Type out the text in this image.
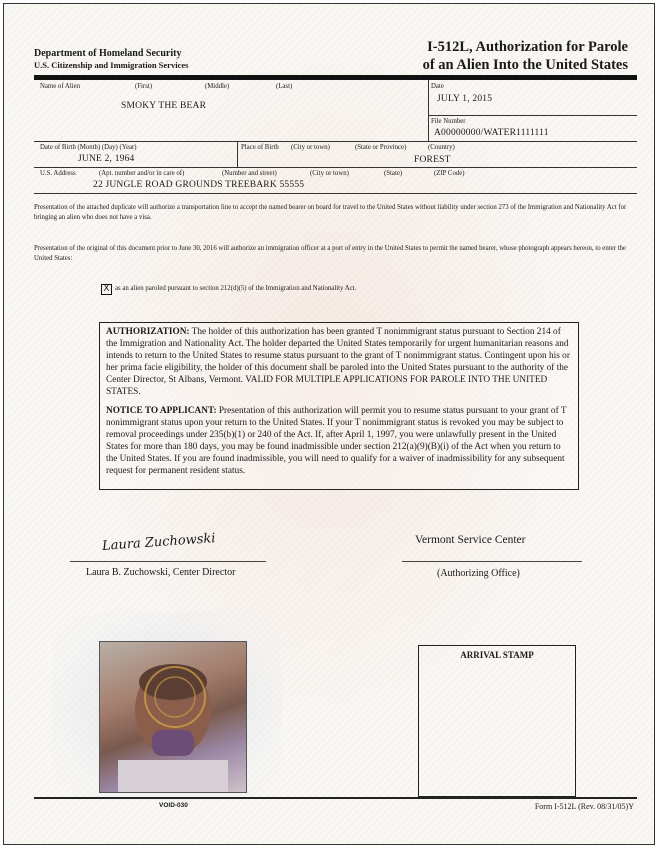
Department of Homeland Security
U.S. Citizenship and Immigration Services
I-512L, Authorization for Parole
of an Alien Into the United States
Name of Alien	(First)	(Middle)	(Last)
SMOKY THE BEAR
Date
JULY 1, 2015
File Number
A00000000/WATER1111111
Date of Birth (Month) (Day) (Year)
JUNE 2, 1964
Place of Birth (City or town)	(State or Province)	(Country)
FOREST
U.S. Address	(Apt. number and/or in care of)	(Number and street)	(City or town)	(State)	(ZIP Code)
22 JUNGLE ROAD GROUNDS TREEBARK 55555
Presentation of the attached duplicate will authorize a transportation line to accept the named bearer on board for travel to the United States without liability under section 273 of the Immigration and Nationality Act for bringing an alien who does not have a visa.
Presentation of the original of this document prior to June 30, 2016 will authorize an immigration officer at a port of entry in the United States to permit the named bearer, whose photograph appears hereon, to enter the United States:
X as an alien paroled pursuant to section 212(d)(5) of the Immigration and Nationality Act.

AUTHORIZATION: The holder of this authorization has been granted T nonimmigrant status pursuant to Section 214 of the Immigration and Nationality Act. The holder departed the United States temporarily for urgent humanitarian reasons and intends to return to the United States to resume status pursuant to the grant of T nonimmigrant status. Contingent upon his or her prima facie eligibility, the holder of this document shall be paroled into the United States pursuant to the authority of the Center Director, St Albans, Vermont. VALID FOR MULTIPLE APPLICATIONS FOR PAROLE INTO THE UNITED STATES.

NOTICE TO APPLICANT: Presentation of this authorization will permit you to resume status pursuant to your grant of T nonimmigrant status upon your return to the United States. If your T nonimmigrant status is revoked you may be subject to removal proceedings under 235(b)(1) or 240 of the Act. If, after April 1, 1997, you were unlawfully present in the United States for more than 180 days, you may be found inadmissible under section 212(a)(9)(B)(i) of the Act when you return to the United States. If you are found inadmissible, you will need to qualify for a waiver of inadmissibility for any subsequent request for permanent resident status.

Laura Zuchowski
Laura B. Zuchowski, Center Director
Vermont Service Center
(Authorizing Office)
VOID-030
ARRIVAL STAMP
Form I-512L (Rev. 08/31/05)Y
